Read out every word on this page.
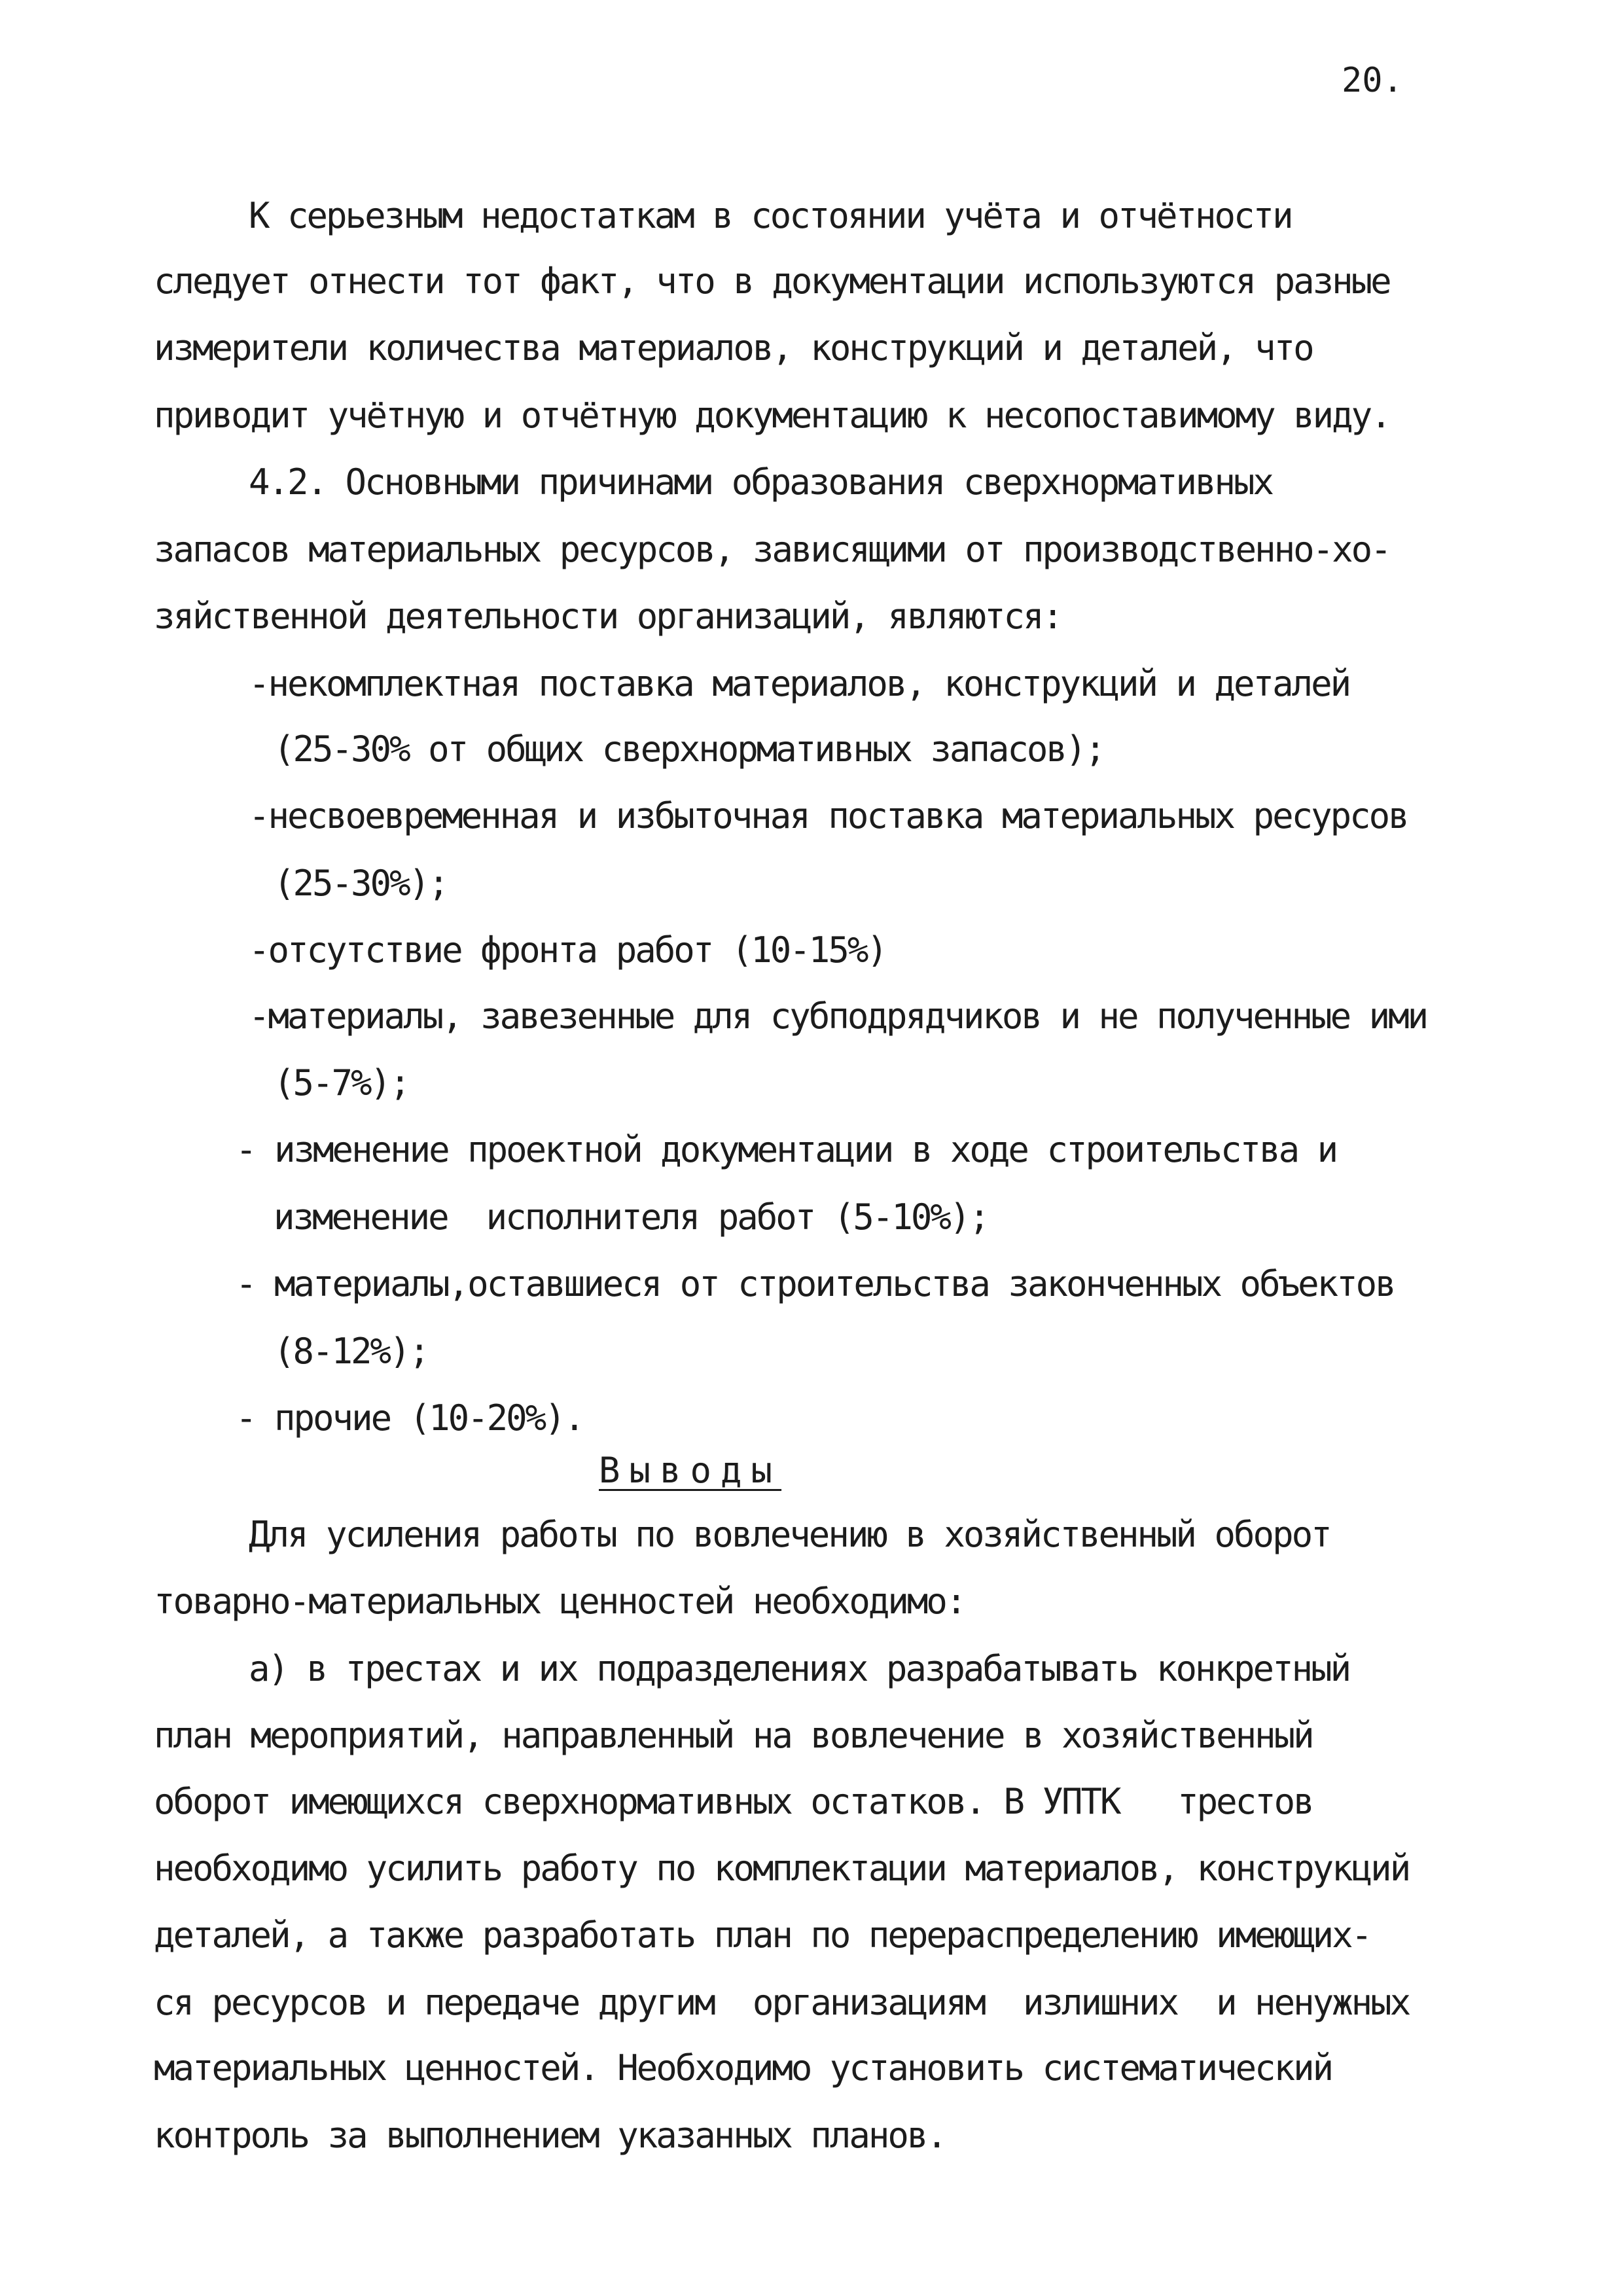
20.
К серьезным недостаткам в состоянии учёта и отчётности
следует отнести тот факт, что в документации используются разные
измерители количества материалов, конструкций и деталей, что
приводит учётную и отчётную документацию к несопоставимому виду.
4.2. Основными причинами образования сверхнормативных
запасов материальных ресурсов, зависящими от производственно-хо-
зяйственной деятельности организаций, являются:
-некомплектная поставка материалов, конструкций и деталей
(25-30% от общих сверхнормативных запасов);
-несвоевременная и избыточная поставка материальных ресурсов
(25-30%);
-отсутствие фронта работ (10-15%)
-материалы, завезенные для субподрядчиков и не полученные ими
(5-7%);
- изменение проектной документации в ходе строительства и
изменение  исполнителя работ (5-10%);
- материалы,оставшиеся от строительства законченных объектов
(8-12%);
- прочие (10-20%).
Выводы
Для усиления работы по вовлечению в хозяйственный оборот
товарно-материальных ценностей необходимо:
а) в трестах и их подразделениях разрабатывать конкретный
план мероприятий, направленный на вовлечение в хозяйственный
оборот имеющихся сверхнормативных остатков. В УПТК   трестов
необходимо усилить работу по комплектации материалов, конструкций
деталей, а также разработать план по перераспределению имеющих-
ся ресурсов и передаче другим  организациям  излишних  и ненужных
материальных ценностей. Необходимо установить систематический
контроль за выполнением указанных планов.
